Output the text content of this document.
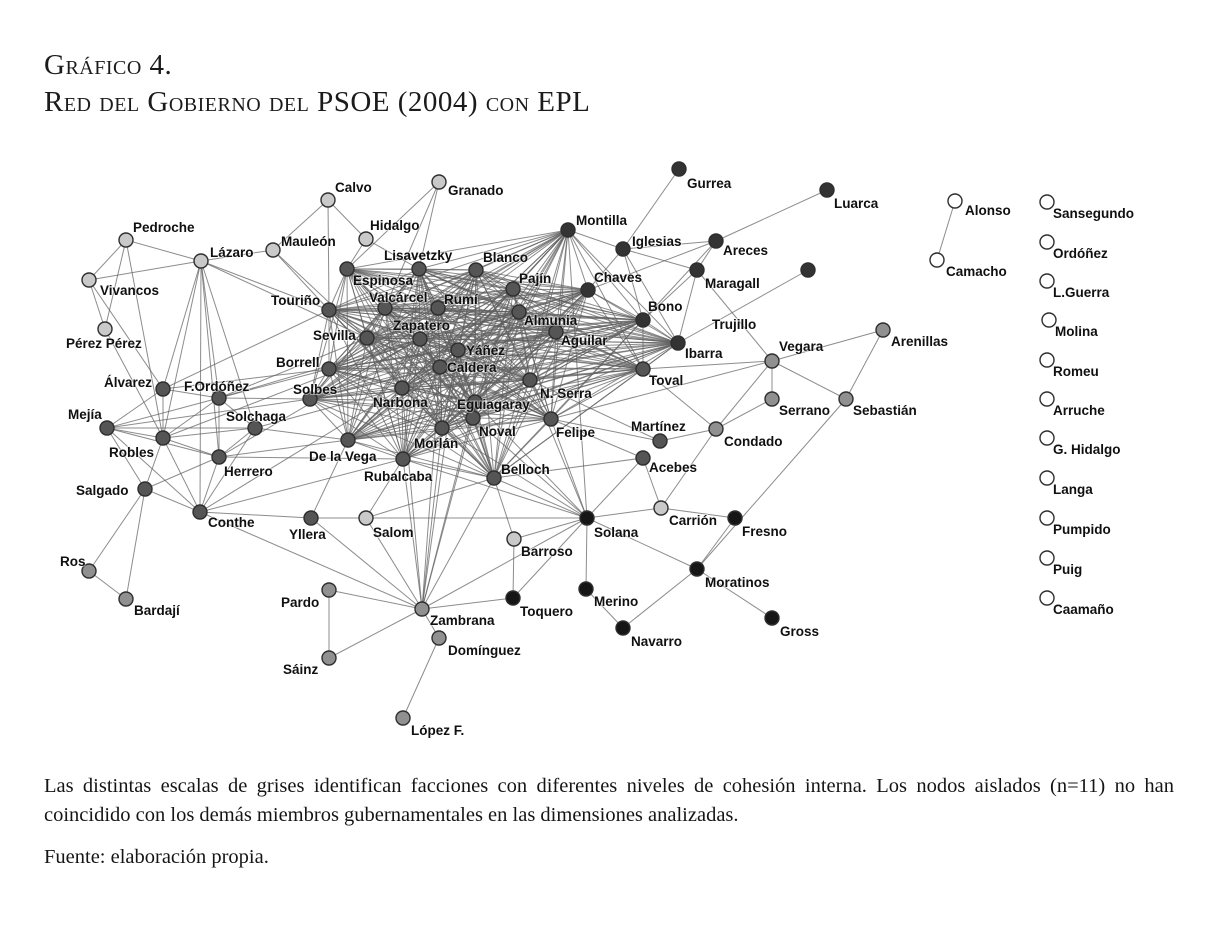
Gráfico 4.
Red del Gobierno del PSOE (2004) con EPL
Calvo	Granado
Pedroche
Lázaro
Mauleón
Hidalgo
Vivancos
Pérez Pérez
Salom
Barroso
Carrión
Zambrana
Pardo
Sáinz
Domínguez
López F.
Ros
Bardají
Vegara	Arenillas
Serrano Sebastián
Condado
Touriño
Espinosa
Sevilla
Borrell
Álvarez F.Ordóñez	Solbes
Mejía	Solchaga
Robles
Herrero
Salgado
Conthe
Yllera
De la Vega
Rubalcaba
Morlán
Noval
Belloch
Felipe
N. Serra
Toval
Martínez
Acebes
Lisavetzky Blanco
Pajín
Rumí
Valcárcel
Zapatero	Almunia
Aguilar
Yáñez
Caldera
Narbona Eguiagaray
Montilla
Iglesias
Maragall
Trujillo
Areces
Bono
Chaves
Ibarra
Gurrea
Luarca
Solana
Toquero
Merino
Navarro
Moratinos
Gross
Fresno
Alonso
Camacho
Sansegundo
Ordóñez
L.Guerra
Molina
Romeu
Arruche
G. Hidalgo
Langa
Pumpido
Puig
Caamaño
Las distintas escalas de grises identifican facciones con diferentes niveles de cohesión interna. Los nodos aislados (n=11) no han coincidido con los demás miembros gubernamentales en las dimensiones analizadas.
Fuente: elaboración propia.
